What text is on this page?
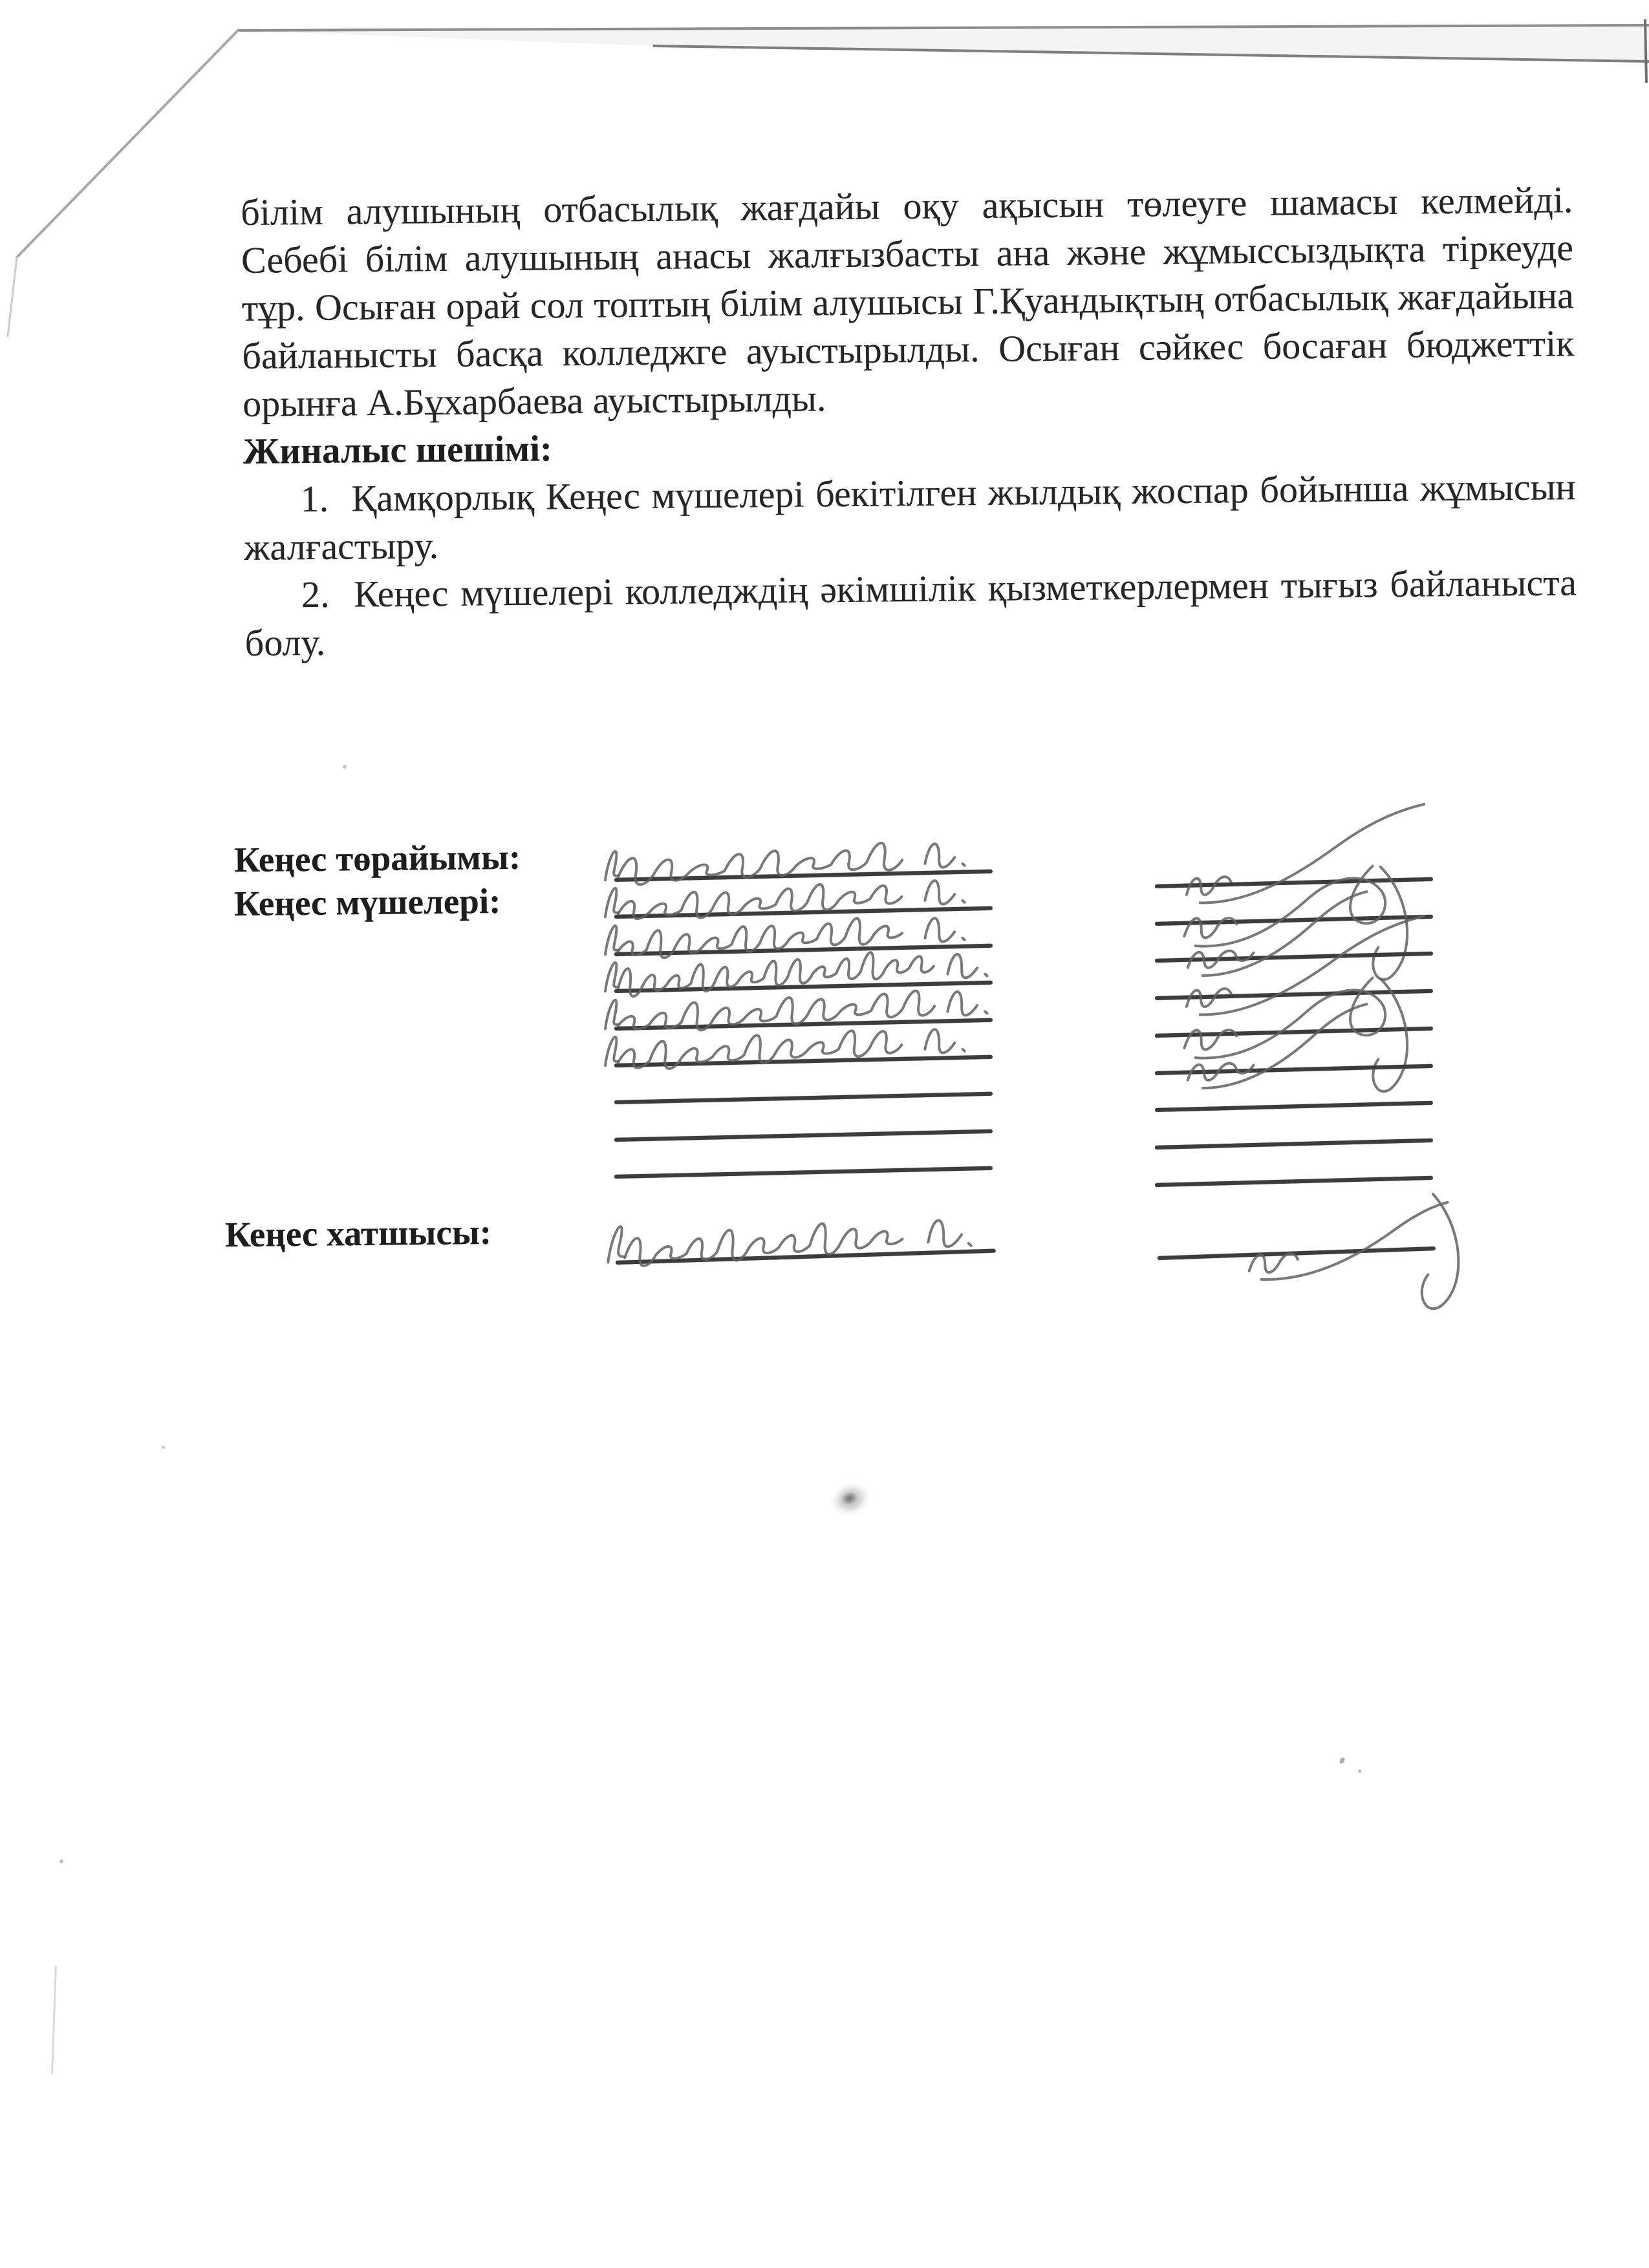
білім алушының отбасылық жағдайы оқу ақысын төлеуге шамасы келмейді. Себебі білім алушының анасы жалғызбасты ана және жұмыссыздықта тіркеуде тұр. Осыған орай сол топтың білім алушысы Г.Қуандықтың отбасылық жағдайына байланысты басқа колледжге ауыстырылды. Осыған сәйкес босаған бюджеттік орынға А.Бұхарбаева ауыстырылды.

Жиналыс шешімі:

1. Қамқорлық Кеңес мүшелері бекітілген жылдық жоспар бойынша жұмысын жалғастыру.

2. Кеңес мүшелері колледждің әкімшілік қызметкерлермен тығыз байланыста болу.

Кеңес төрайымы:
Кеңес мүшелері:
Кеңес хатшысы:
